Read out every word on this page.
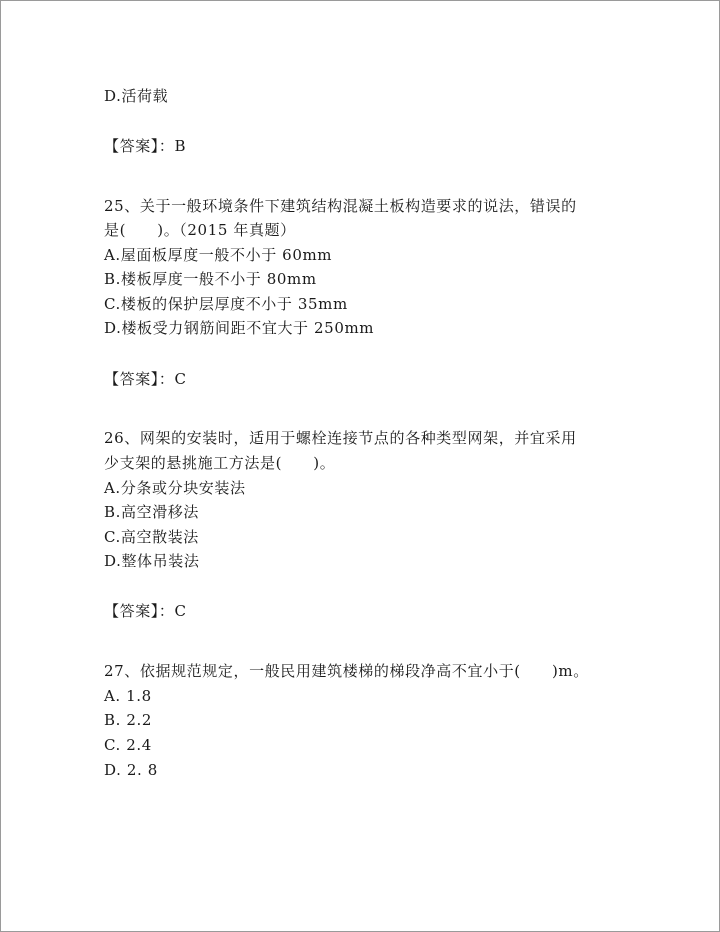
D.活荷载
【答案】：B
25、关于一般环境条件下建筑结构混凝土板构造要求的说法，错误的
是(　　)。（2015 年真题）
A.屋面板厚度一般不小于 60mm
B.楼板厚度一般不小于 80mm
C.楼板的保护层厚度不小于 35mm
D.楼板受力钢筋间距不宜大于 250mm
【答案】：C
26、网架的安装时，适用于螺栓连接节点的各种类型网架，并宜采用
少支架的悬挑施工方法是(　　)。
A.分条或分块安装法
B.高空滑移法
C.高空散装法
D.整体吊装法
【答案】：C
27、依据规范规定，一般民用建筑楼梯的梯段净高不宜小于(　　)m。
A. 1.8
B. 2.2
C. 2.4
D. 2. 8
